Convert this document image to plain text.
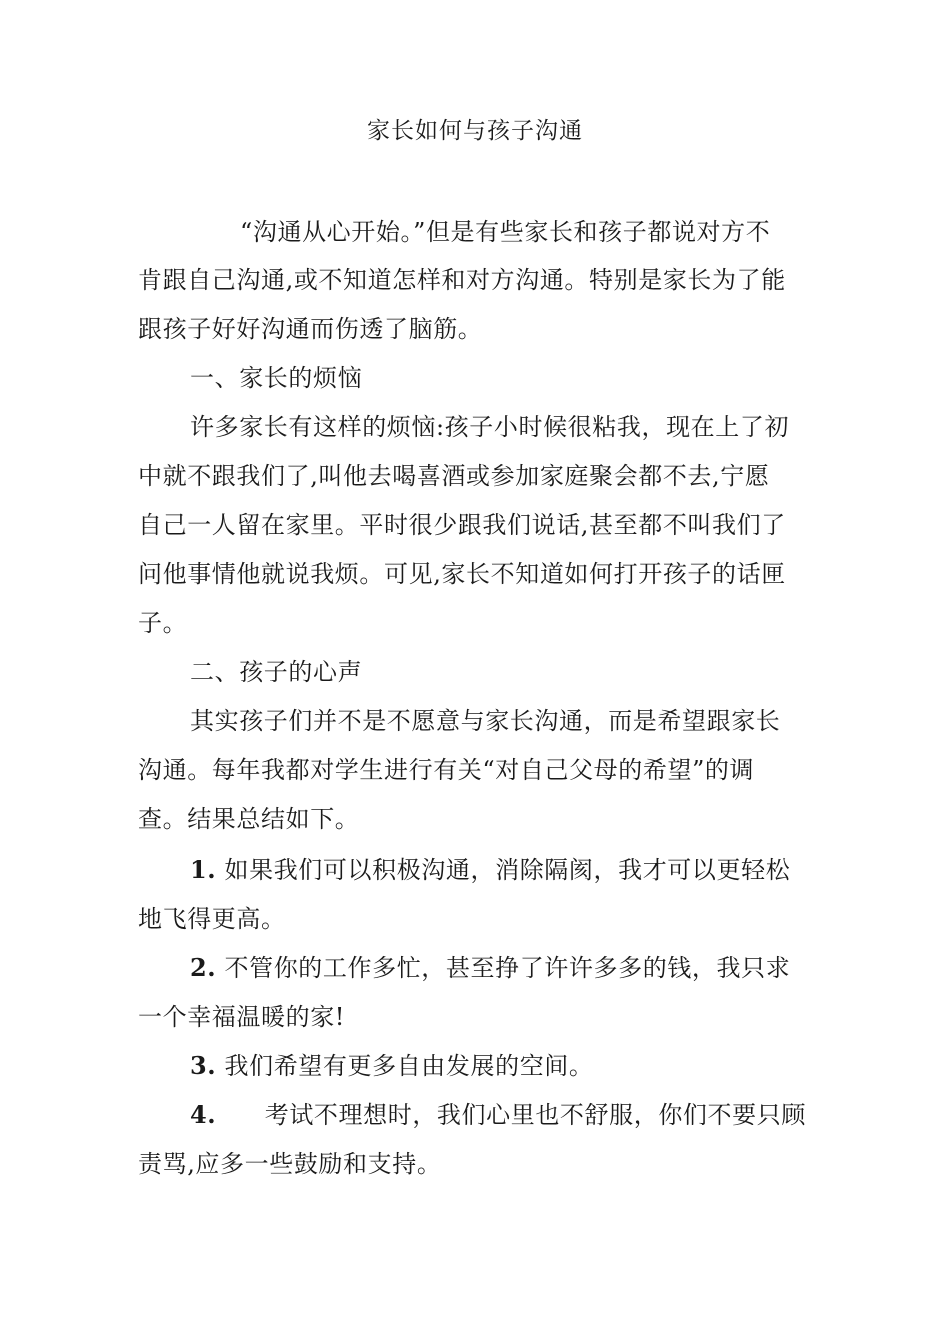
家长如何与孩子沟通
“沟通从心开始。”但是有些家长和孩子都说对方不
肯跟自己沟通,或不知道怎样和对方沟通。特别是家长为了能
跟孩子好好沟通而伤透了脑筋。
一、家长的烦恼
许多家长有这样的烦恼:孩子小时候很粘我，现在上了初
中就不跟我们了,叫他去喝喜酒或参加家庭聚会都不去,宁愿
自己一人留在家里。平时很少跟我们说话,甚至都不叫我们了
问他事情他就说我烦。可见,家长不知道如何打开孩子的话匣
子。
二、孩子的心声
其实孩子们并不是不愿意与家长沟通，而是希望跟家长
沟通。每年我都对学生进行有关“对自己父母的希望”的调
查。结果总结如下。
1. 如果我们可以积极沟通，消除隔阂，我才可以更轻松
地飞得更高。
2. 不管你的工作多忙，甚至挣了许许多多的钱，我只求
一个幸福温暖的家!
3. 我们希望有更多自由发展的空间。
4. 考试不理想时，我们心里也不舒服，你们不要只顾
责骂,应多一些鼓励和支持。
